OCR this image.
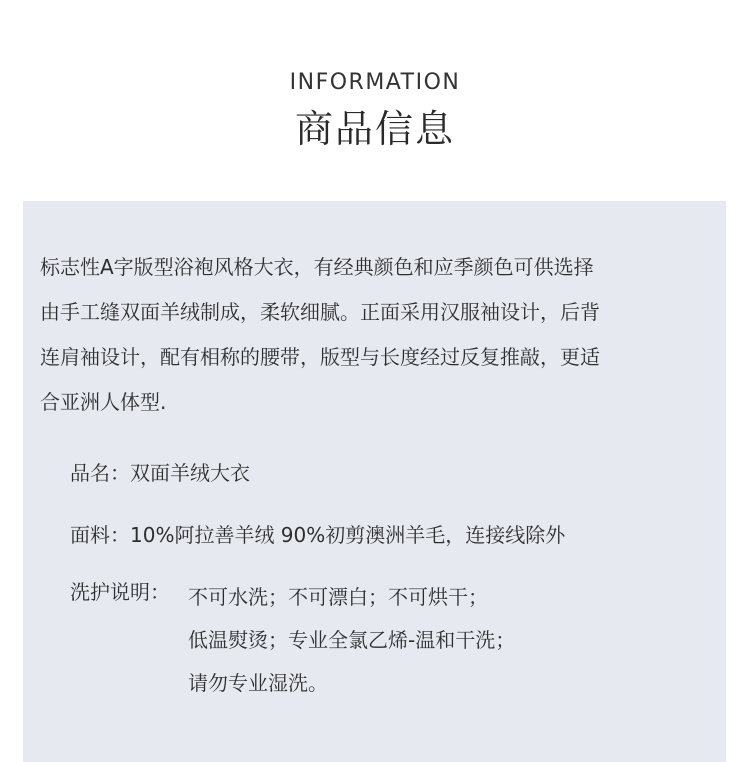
INFORMATION
商品信息
标志性A字版型浴袍风格大衣，有经典颜色和应季颜色可供选择
由手工缝双面羊绒制成，柔软细腻。正面采用汉服袖设计，后背
连肩袖设计，配有相称的腰带，版型与长度经过反复推敲，更适
合亚洲人体型.
品名：双面羊绒大衣
面料：10%阿拉善羊绒 90%初剪澳洲羊毛，连接线除外
洗护说明： 不可水洗；不可漂白；不可烘干；
低温熨烫；专业全氯乙烯-温和干洗；
请勿专业湿洗。
